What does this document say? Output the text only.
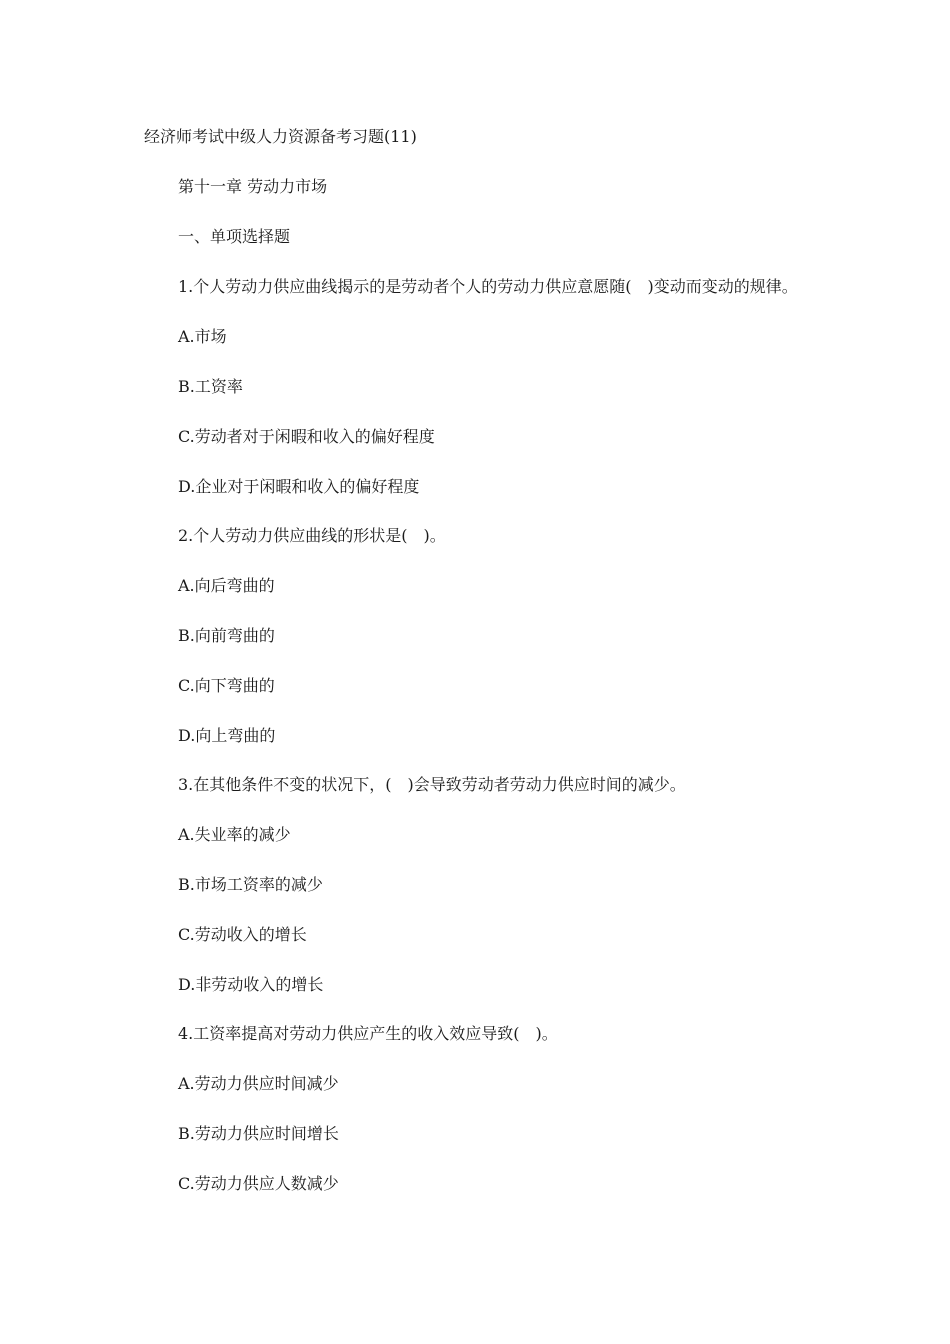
经济师考试中级人力资源备考习题(11)
第十一章 劳动力市场
一、单项选择题
1.个人劳动力供应曲线揭示的是劳动者个人的劳动力供应意愿随(　)变动而变动的规律。
A.市场
B.工资率
C.劳动者对于闲暇和收入的偏好程度
D.企业对于闲暇和收入的偏好程度
2.个人劳动力供应曲线的形状是(　)。
A.向后弯曲的
B.向前弯曲的
C.向下弯曲的
D.向上弯曲的
3.在其他条件不变的状况下，(　)会导致劳动者劳动力供应时间的减少。
A.失业率的减少
B.市场工资率的减少
C.劳动收入的增长
D.非劳动收入的增长
4.工资率提高对劳动力供应产生的收入效应导致(　)。
A.劳动力供应时间减少
B.劳动力供应时间增长
C.劳动力供应人数减少
